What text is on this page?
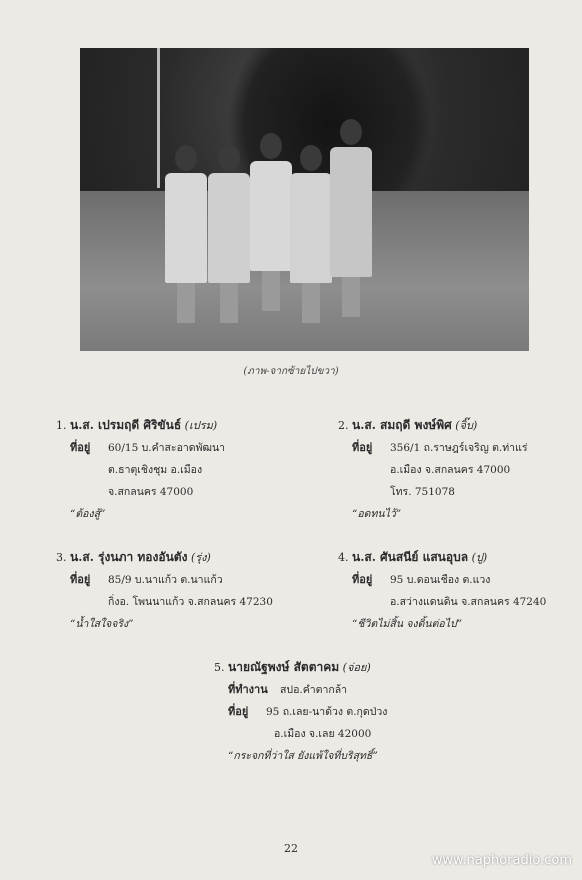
(ภาพ-จากซ้ายไปขวา)
1. น.ส. เปรมฤดี ศิริขันธ์ (เปรม)
ที่อยู่ 60/15 บ.คำสะอาดพัฒนา
ต.ธาตุเชิงชุม อ.เมือง
จ.สกลนคร 47000
“ต้องสู้”
2. น.ส. สมฤดี พงษ์พิศ (จิ๊บ)
ที่อยู่ 356/1 ถ.ราษฎร์เจริญ ต.ท่าแร่
อ.เมือง จ.สกลนคร 47000
โทร. 751078
“อดทนไว้”
3. น.ส. รุ่งนภา ทองอันตัง (รุ่ง)
ที่อยู่ 85/9 บ.นาแก้ว ต.นาแก้ว
กิ่งอ. โพนนาแก้ว จ.สกลนคร 47230
“น้ำใสใจจริง”
4. น.ส. ศันสนีย์ แสนอุบล (ปู)
ที่อยู่ 95 บ.ดอนเชือง ต.แวง
อ.สว่างแดนดิน จ.สกลนคร 47240
“ชีวิตไม่สิ้น จงดิ้นต่อไป”
5. นายณัฐพงษ์ สัตตาคม (จ่อย)
ที่ทำงาน สปอ.คำตากล้า
ที่อยู่ 95 ถ.เลย-นาด้วง ต.กุดป่วง
อ.เมือง จ.เลย 42000
“กระจกที่ว่าใส ยังแพ้ใจที่บริสุทธิ์”
22
www.naphoradio.com
